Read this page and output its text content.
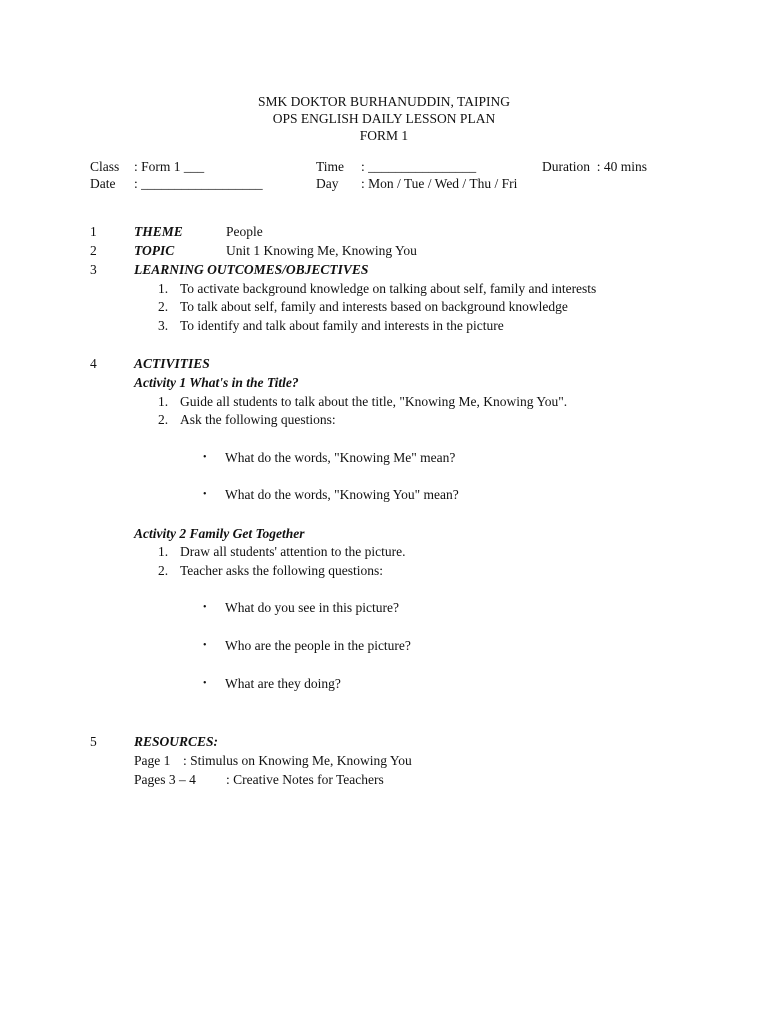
SMK DOKTOR BURHANUDDIN, TAIPING
OPS ENGLISH DAILY LESSON PLAN
FORM 1
Class : Form 1 ___	Time : ________________	Duration  : 40 mins
Date : __________________	Day : Mon / Tue / Wed / Thu / Fri
1	THEME	People
2	TOPIC	Unit 1 Knowing Me, Knowing You
3	LEARNING OUTCOMES/OBJECTIVES
1. To activate background knowledge on talking about self, family and interests
2. To talk about self, family and interests based on background knowledge
3. To identify and talk about family and interests in the picture
4	ACTIVITIES
Activity 1 What's in the Title?
1. Guide all students to talk about the title, "Knowing Me, Knowing You".
2. Ask the following questions:
• What do the words, "Knowing Me" mean?
• What do the words, "Knowing You" mean?
Activity 2 Family Get Together
1. Draw all students' attention to the picture.
2. Teacher asks the following questions:
• What do you see in this picture?
• Who are the people in the picture?
• What are they doing?
5	RESOURCES:
Page 1 : Stimulus on Knowing Me, Knowing You
Pages 3 – 4 : Creative Notes for Teachers
